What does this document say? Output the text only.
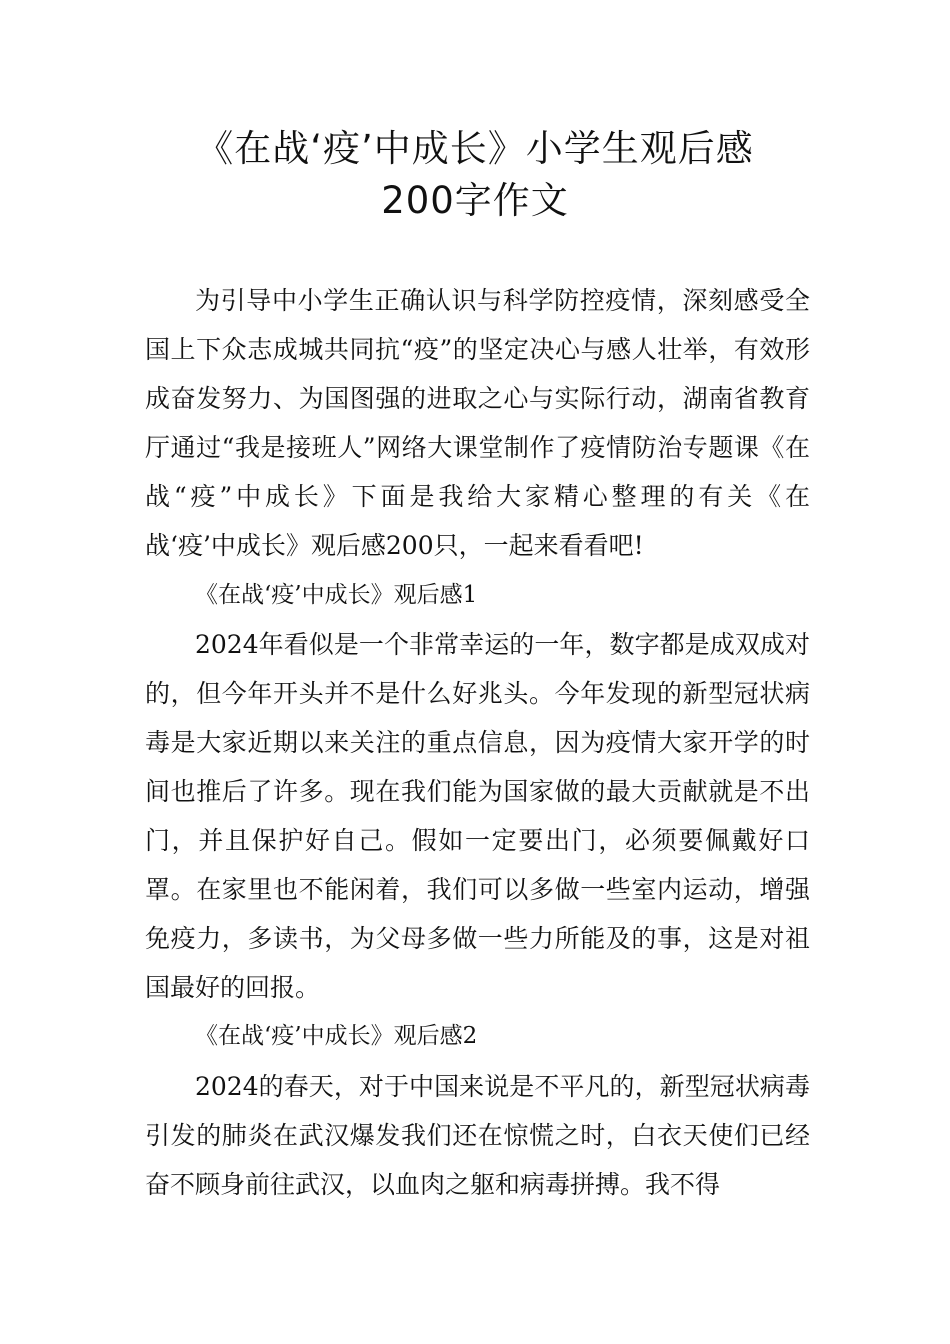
《在战‘疫’中成长》小学生观后感
200字作文

为引导中小学生正确认识与科学防控疫情，深刻感受全国上下众志成城共同抗“疫”的坚定决心与感人壮举，有效形成奋发努力、为国图强的进取之心与实际行动，湖南省教育厅通过“我是接班人”网络大课堂制作了疫情防治专题课《在战“疫”中成长》下面是我给大家精心整理的有关《在战‘疫’中成长》观后感200只，一起来看看吧!

《在战‘疫’中成长》观后感1

2024年看似是一个非常幸运的一年，数字都是成双成对的，但今年开头并不是什么好兆头。今年发现的新型冠状病毒是大家近期以来关注的重点信息，因为疫情大家开学的时间也推后了许多。现在我们能为国家做的最大贡献就是不出门，并且保护好自己。假如一定要出门，必须要佩戴好口罩。在家里也不能闲着，我们可以多做一些室内运动，增强免疫力，多读书，为父母多做一些力所能及的事，这是对祖国最好的回报。

《在战‘疫’中成长》观后感2

2024的春天，对于中国来说是不平凡的，新型冠状病毒引发的肺炎在武汉爆发我们还在惊慌之时，白衣天使们已经奋不顾身前往武汉，以血肉之躯和病毒拼搏。我不得
